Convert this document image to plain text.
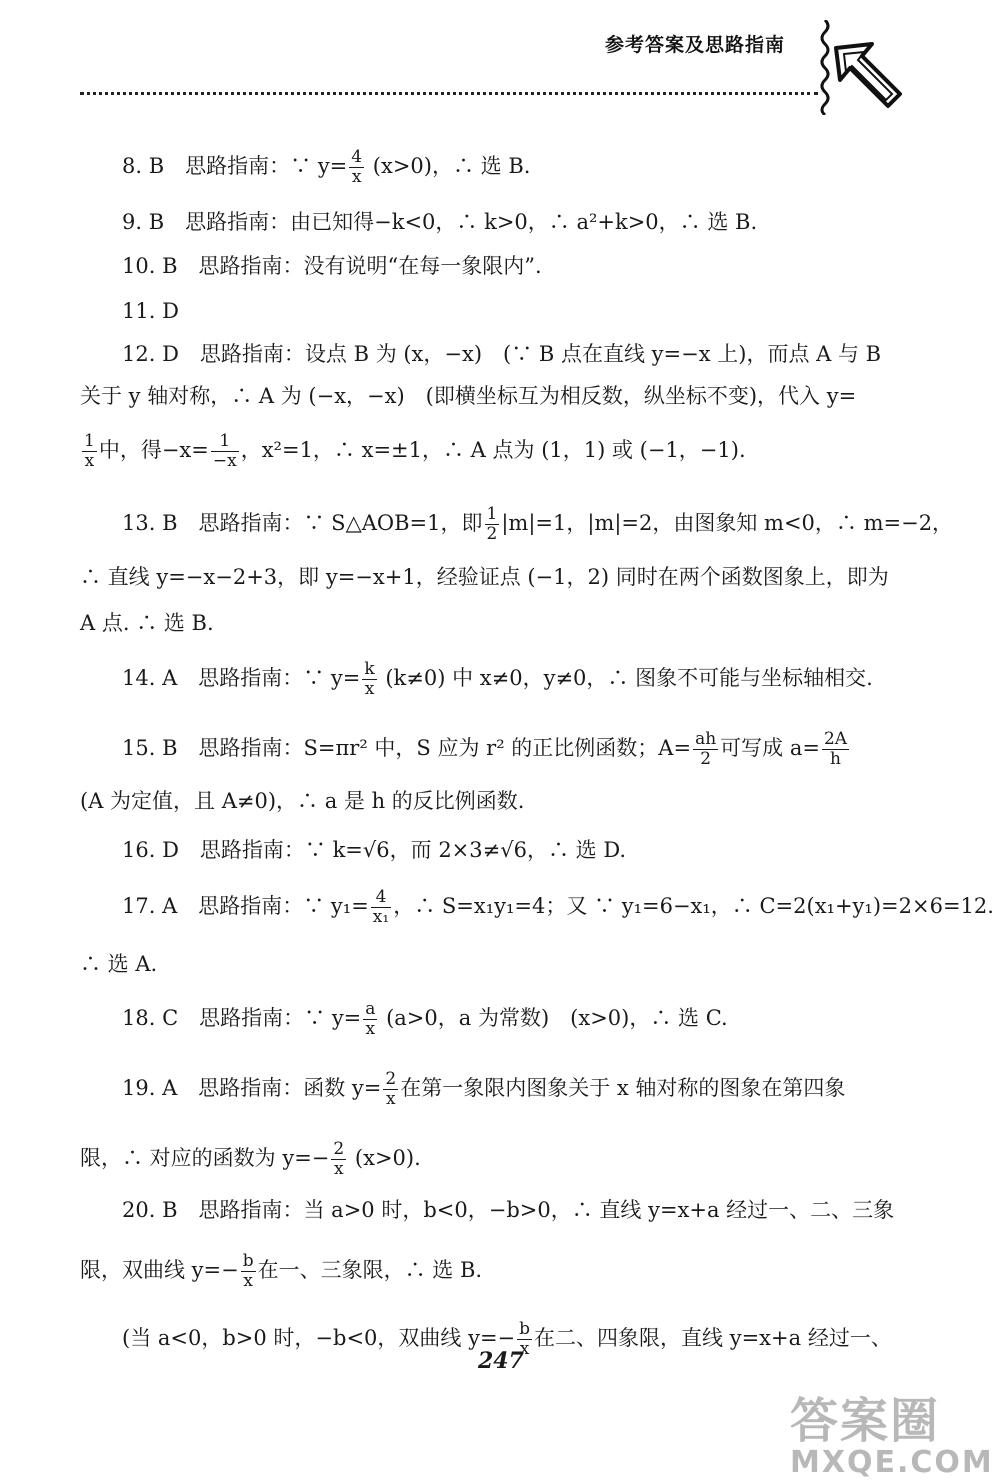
参考答案及思路指南
8. B　思路指南：∵ $y= \frac{4}{x} (x>0)$，∴ 选 B.
9. B　思路指南：由已知得−k<0，∴ k>0，∴ a²+k>0，∴ 选 B.
10. B　思路指南：没有说明“在每一象限内”.
11. D
12. D　思路指南：设点 B 为 (x，−x)　(∵ B 点在直线 y=−x 上)，而点 A 与 B
关于 y 轴对称，∴ A 为 (−x，−x)　(即横坐标互为相反数，纵坐标不变)，代入 y=
$\frac{1}{x}$ 中，得$-x= \frac{1}{-x}$ ，x²=1，∴ x=±1，∴ A 点为 (1，1) 或 (−1，−1).
13. B　思路指南：∵ S△AOB=1，即 $\frac{1}{2} |m|=1$，|m|=2，由图象知 m<0，∴ m=−2，
∴ 直线 y=−x−2+3，即 y=−x+1，经验证点 (−1，2) 同时在两个函数图象上，即为
A 点. ∴ 选 B.
14. A　思路指南：∵ $y= \frac{k}{x} (k\ne 0)$ 中 x≠0，y≠0，∴ 图象不可能与坐标轴相交.
15. B　思路指南：S=πr² 中，S 应为 r² 的正比例函数；$A= \frac{ah}{2}$ 可写成 $a= \frac{2A}{h}$
(A 为定值，且 A≠0)，∴ a 是 h 的反比例函数.
16. D　思路指南：∵ k=√6，而 2×3≠√6，∴ 选 D.
17. A　思路指南：∵ $y_1= \frac{4}{\text{x₁}}$ ，∴ S=x₁y₁=4；又 ∵ y₁=6−x₁，∴ C=2(x₁+y₁)=2×6=12.
∴ 选 A.
18. C　思路指南：∵ $y= \frac{a}{x} (a>0$，a 为常数)　(x>0)，∴ 选 C.
19. A　思路指南：函数 $y= \frac{2}{x}$ 在第一象限内图象关于 x 轴对称的图象在第四象
限，∴ 对应的函数为 $y=- \frac{2}{x} (x>0)$.
20. B　思路指南：当 a>0 时，b<0，−b>0，∴ 直线 y=x+a 经过一、二、三象
限，双曲线 $y=- \frac{b}{x}$ 在一、三象限，∴ 选 B.
(当 a<0，b>0 时，−b<0，双曲线 $y=- \frac{b}{x}$ 在二、四象限，直线 y=x+a 经过一、
247
答案圈
MXQE.COM
